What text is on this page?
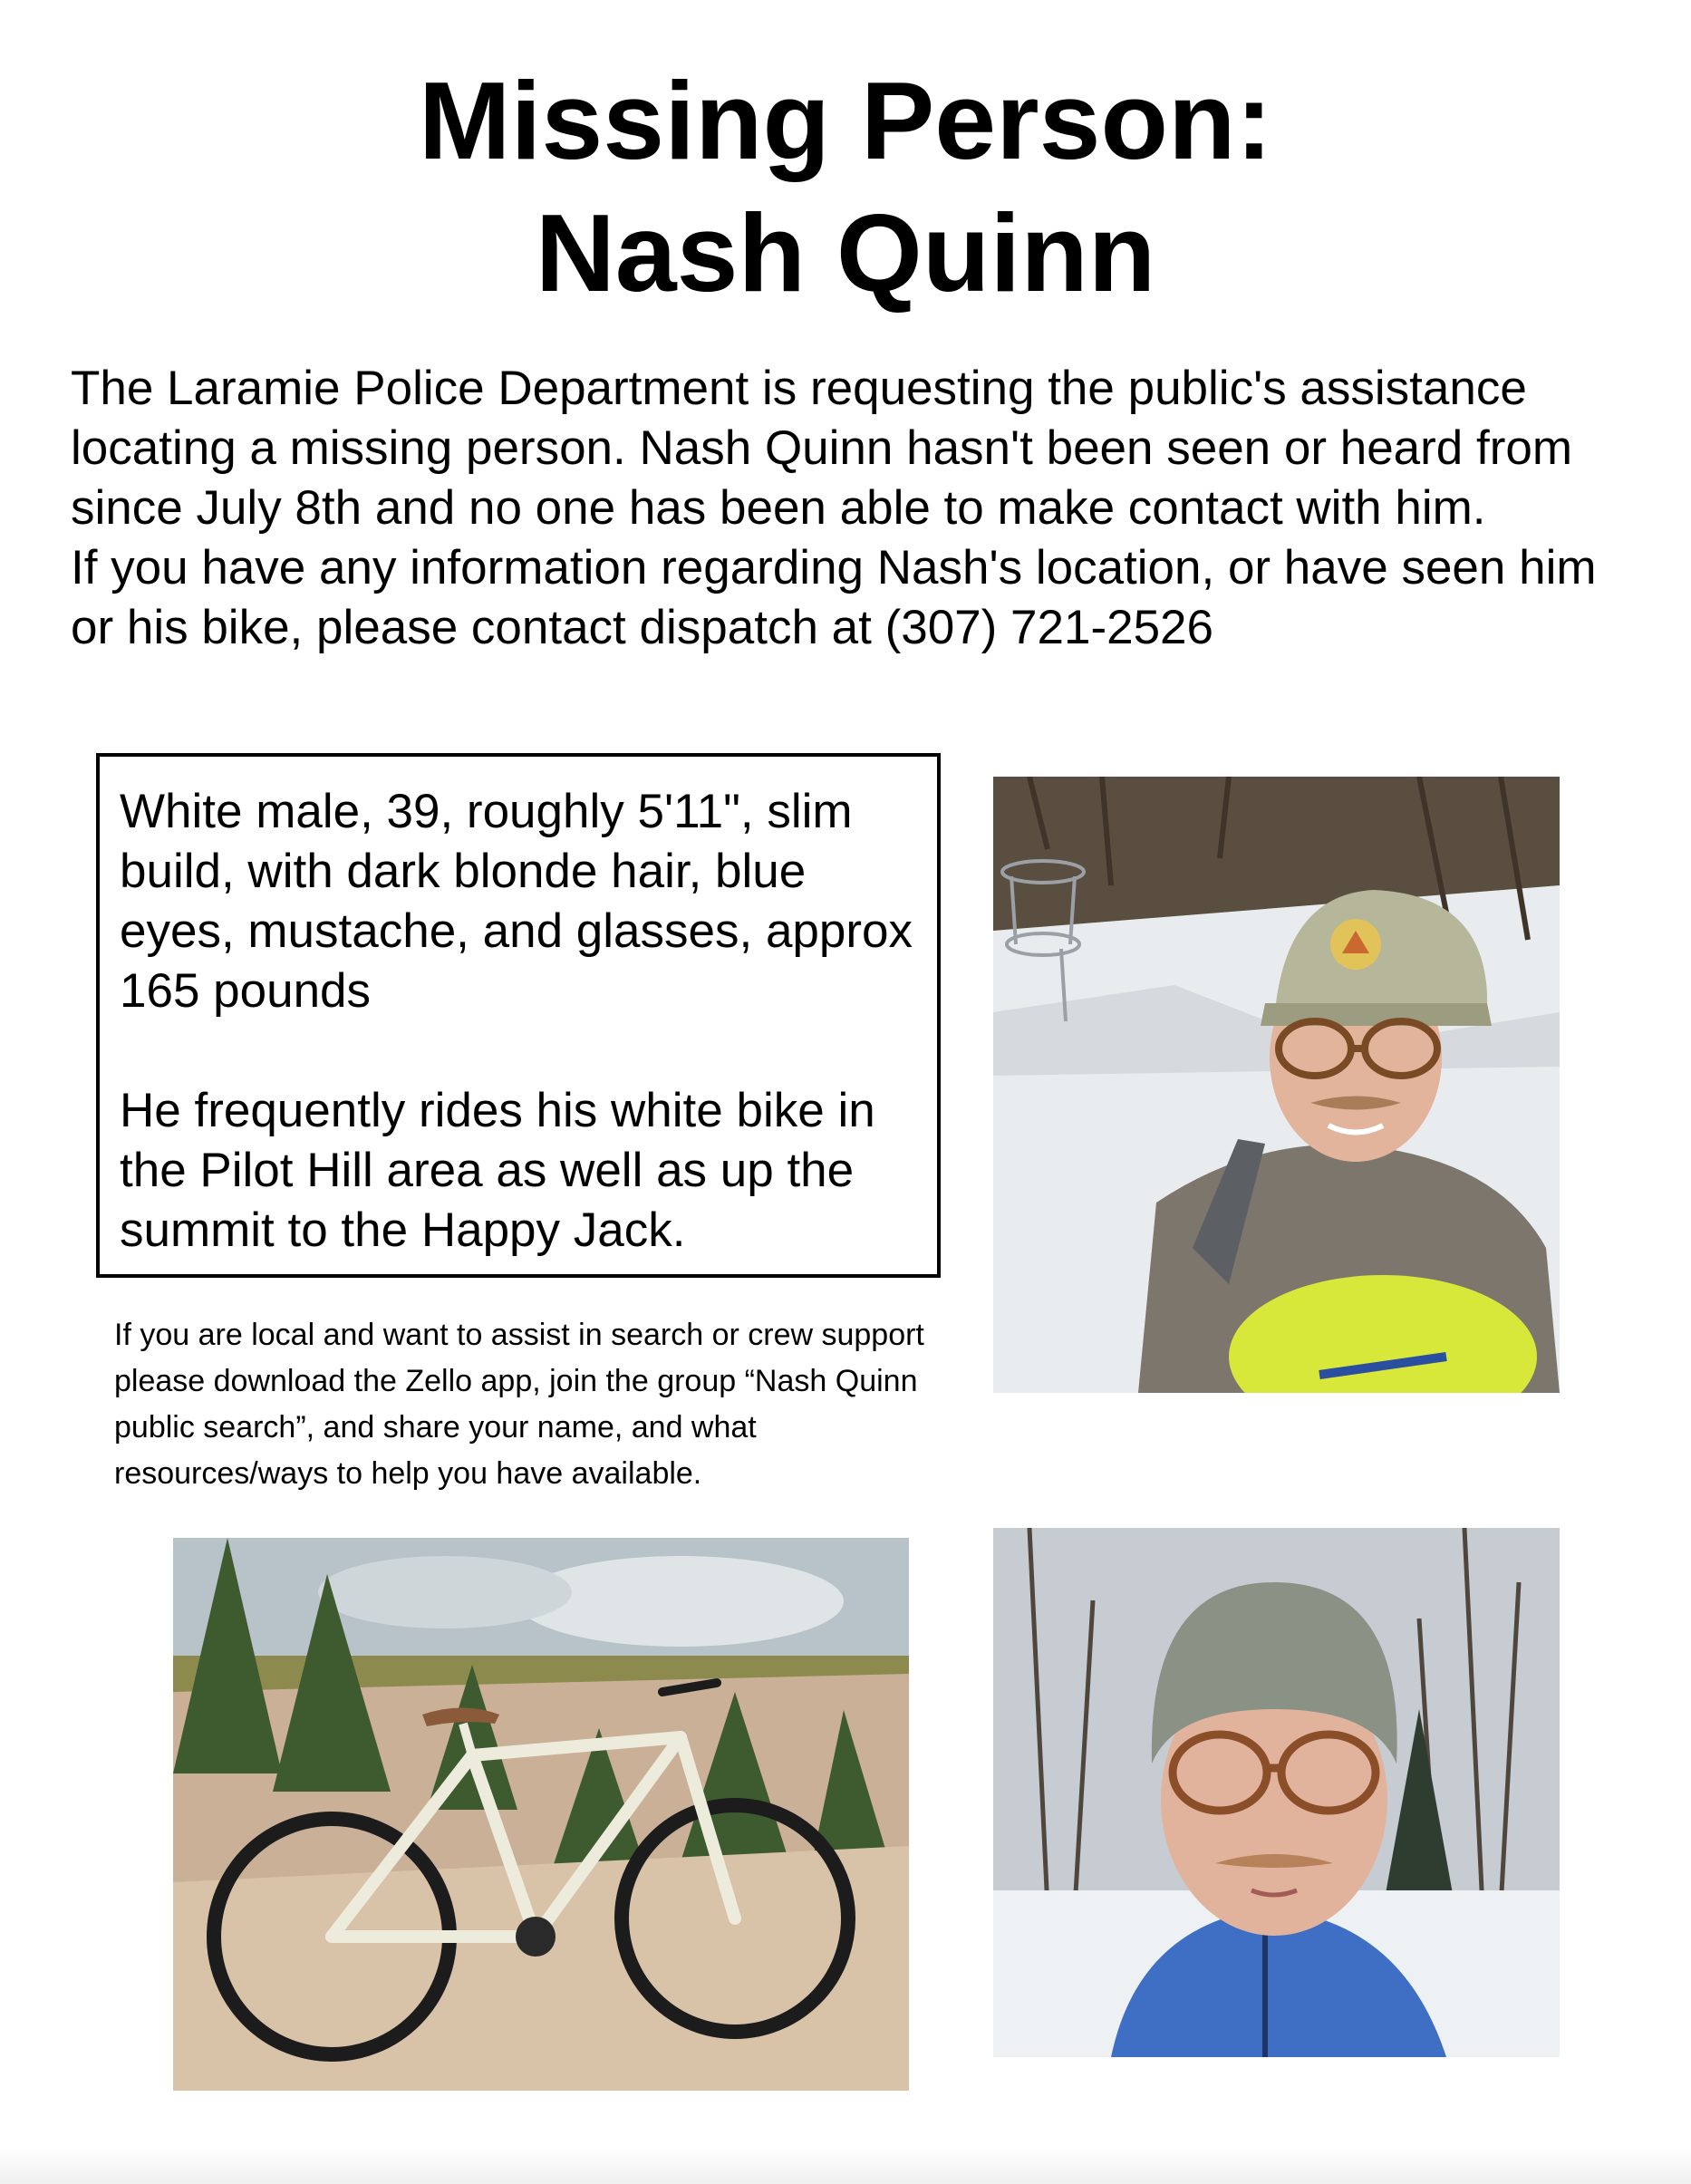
Missing Person:
Nash Quinn

The Laramie Police Department is requesting the public's assistance locating a missing person. Nash Quinn hasn't been seen or heard from since July 8th and no one has been able to make contact with him.

If you have any information regarding Nash's location, or have seen him or his bike, please contact dispatch at (307) 721-2526

White male, 39, roughly 5'11", slim build, with dark blonde hair, blue eyes, mustache, and glasses, approx 165 pounds

He frequently rides his white bike in the Pilot Hill area as well as up the summit to the Happy Jack.

If you are local and want to assist in search or crew support please download the Zello app, join the group “Nash Quinn public search”, and share your name, and what resources/ways to help you have available.
